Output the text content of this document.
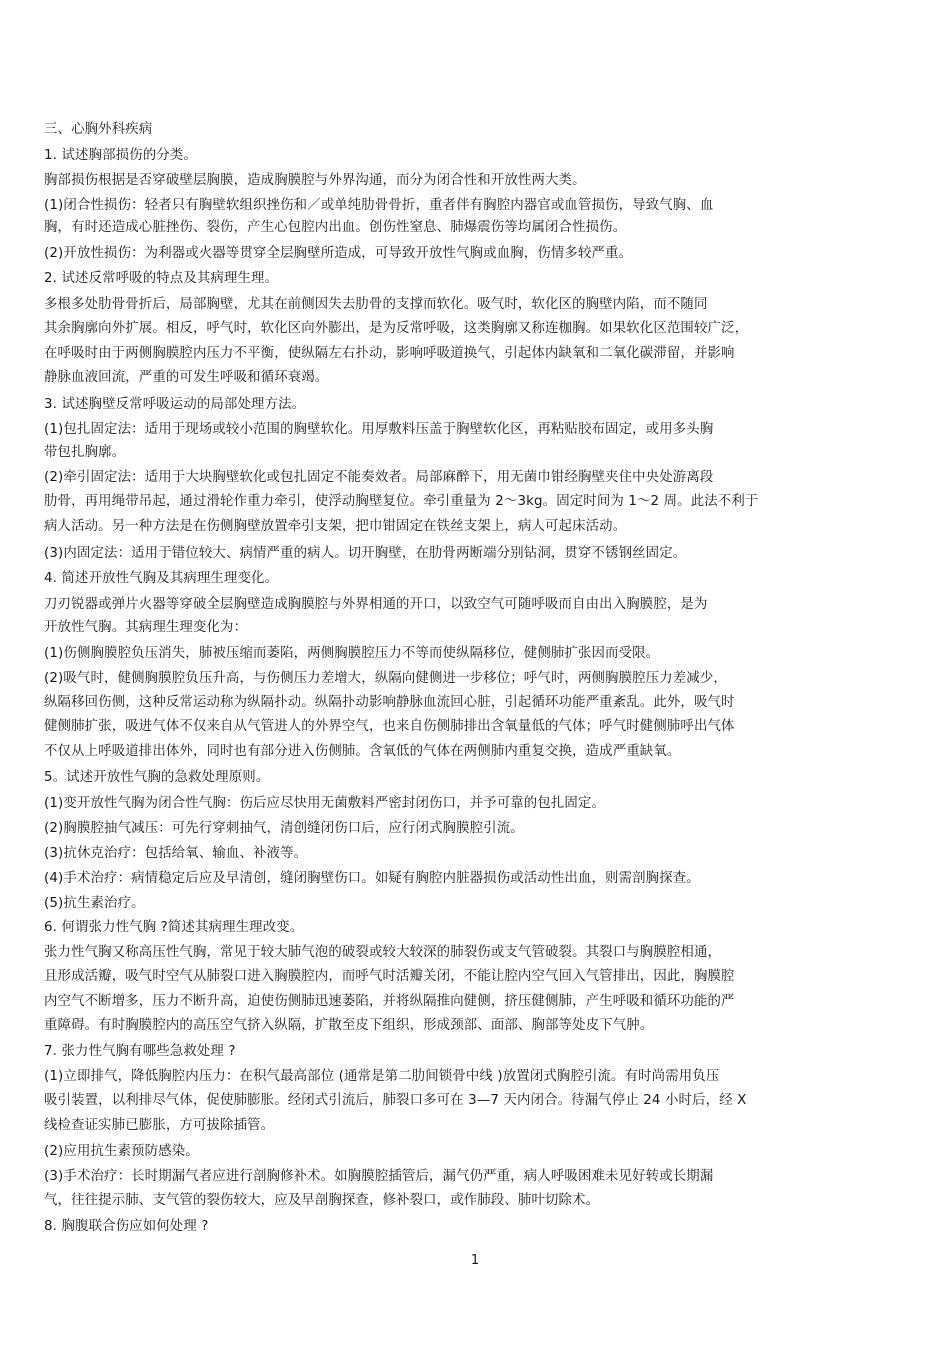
三、心胸外科疾病
1. 试述胸部损伤的分类。
胸部损伤根据是否穿破壁层胸膜，造成胸膜腔与外界沟通，而分为闭合性和开放性两大类。
(1)闭合性损伤：轻者只有胸壁软组织挫伤和／或单纯肋骨骨折，重者伴有胸腔内器官或血管损伤，导致气胸、血
胸，有时还造成心脏挫伤、裂伤，产生心包腔内出血。创伤性窒息、肺爆震伤等均属闭合性损伤。
(2)开放性损伤：为利器或火器等贯穿全层胸壁所造成，可导致开放性气胸或血胸，伤情多较严重。
2. 试述反常呼吸的特点及其病理生理。
多根多处肋骨骨折后，局部胸壁，尤其在前侧因失去肋骨的支撑而软化。吸气时，软化区的胸壁内陷，而不随同
其余胸廓向外扩展。相反，呼气时，软化区向外膨出，是为反常呼吸，这类胸廓又称连枷胸。如果软化区范围较广泛，
在呼吸时由于两侧胸膜腔内压力不平衡，使纵隔左右扑动，影响呼吸道换气，引起体内缺氧和二氧化碳滞留，并影响
静脉血液回流，严重的可发生呼吸和循环衰竭。
3. 试述胸壁反常呼吸运动的局部处理方法。
(1)包扎固定法：适用于现场或较小范围的胸壁软化。用厚敷料压盖于胸壁软化区，再粘贴胶布固定，或用多头胸
带包扎胸廓。
(2)牵引固定法：适用于大块胸壁软化或包扎固定不能奏效者。局部麻醉下，用无菌巾钳经胸壁夹住中央处游离段
肋骨，再用绳带吊起，通过滑轮作重力牵引，使浮动胸壁复位。牵引重量为 2～3kg。固定时间为 1～2 周。此法不利于
病人活动。另一种方法是在伤侧胸壁放置牵引支架，把巾钳固定在铁丝支架上，病人可起床活动。
(3)内固定法：适用于错位较大、病情严重的病人。切开胸壁，在肋骨两断端分别钻洞，贯穿不锈钢丝固定。
4. 简述开放性气胸及其病理生理变化。
刀刃锐器或弹片火器等穿破全层胸壁造成胸膜腔与外界相通的开口，以致空气可随呼吸而自由出入胸膜腔，是为
开放性气胸。其病理生理变化为：
(1)伤侧胸膜腔负压消失，肺被压缩而萎陷，两侧胸膜腔压力不等而使纵隔移位，健侧肺扩张因而受限。
(2)吸气时，健侧胸膜腔负压升高，与伤侧压力差增大，纵隔向健侧进一步移位；呼气时，两侧胸膜腔压力差减少，
纵隔移回伤侧，这种反常运动称为纵隔扑动。纵隔扑动影响静脉血流回心脏，引起循环功能严重紊乱。此外，吸气时
健侧肺扩张，吸进气体不仅来自从气管进人的外界空气，也来自伤侧肺排出含氧量低的气体；呼气时健侧肺呼出气体
不仅从上呼吸道排出体外，同时也有部分进入伤侧肺。含氧低的气体在两侧肺内重复交换，造成严重缺氧。
5。试述开放性气胸的急救处理原则。
(1)变开放性气胸为闭合性气胸：伤后应尽快用无菌敷料严密封闭伤口，并予可靠的包扎固定。
(2)胸膜腔抽气减压：可先行穿刺抽气，清创缝闭伤口后，应行闭式胸膜腔引流。
(3)抗休克治疗：包括给氧、输血、补液等。
(4)手术治疗：病情稳定后应及早清创，缝闭胸壁伤口。如疑有胸腔内脏器损伤或活动性出血，则需剖胸探查。
(5)抗生素治疗。
6. 何谓张力性气胸 ?简述其病理生理改变。
张力性气胸又称高压性气胸，常见于较大肺气泡的破裂或较大较深的肺裂伤或支气管破裂。其裂口与胸膜腔相通，
且形成活瓣，吸气时空气从肺裂口进入胸膜腔内，而呼气时活瓣关闭，不能让腔内空气回入气管排出，因此，胸膜腔
内空气不断增多，压力不断升高，迫使伤侧肺迅速萎陷，并将纵隔推向健侧，挤压健侧肺，产生呼吸和循环功能的严
重障碍。有时胸膜腔内的高压空气挤入纵隔，扩散至皮下组织，形成颈部、面部、胸部等处皮下气肿。
7. 张力性气胸有哪些急救处理 ?
(1)立即排气，降低胸腔内压力：在积气最高部位 (通常是第二肋间锁骨中线 )放置闭式胸腔引流。有时尚需用负压
吸引装置，以利排尽气体，促使肺膨胀。经闭式引流后，肺裂口多可在 3—7 天内闭合。待漏气停止 24 小时后，经 X
线检查证实肺已膨胀，方可拔除插管。
(2)应用抗生素预防感染。
(3)手术治疗：长时期漏气者应进行剖胸修补术。如胸膜腔插管后，漏气仍严重，病人呼吸困难未见好转或长期漏
气，往往提示肺、支气管的裂伤较大，应及早剖胸探查，修补裂口，或作肺段、肺叶切除术。
8. 胸腹联合伤应如何处理 ?
1
